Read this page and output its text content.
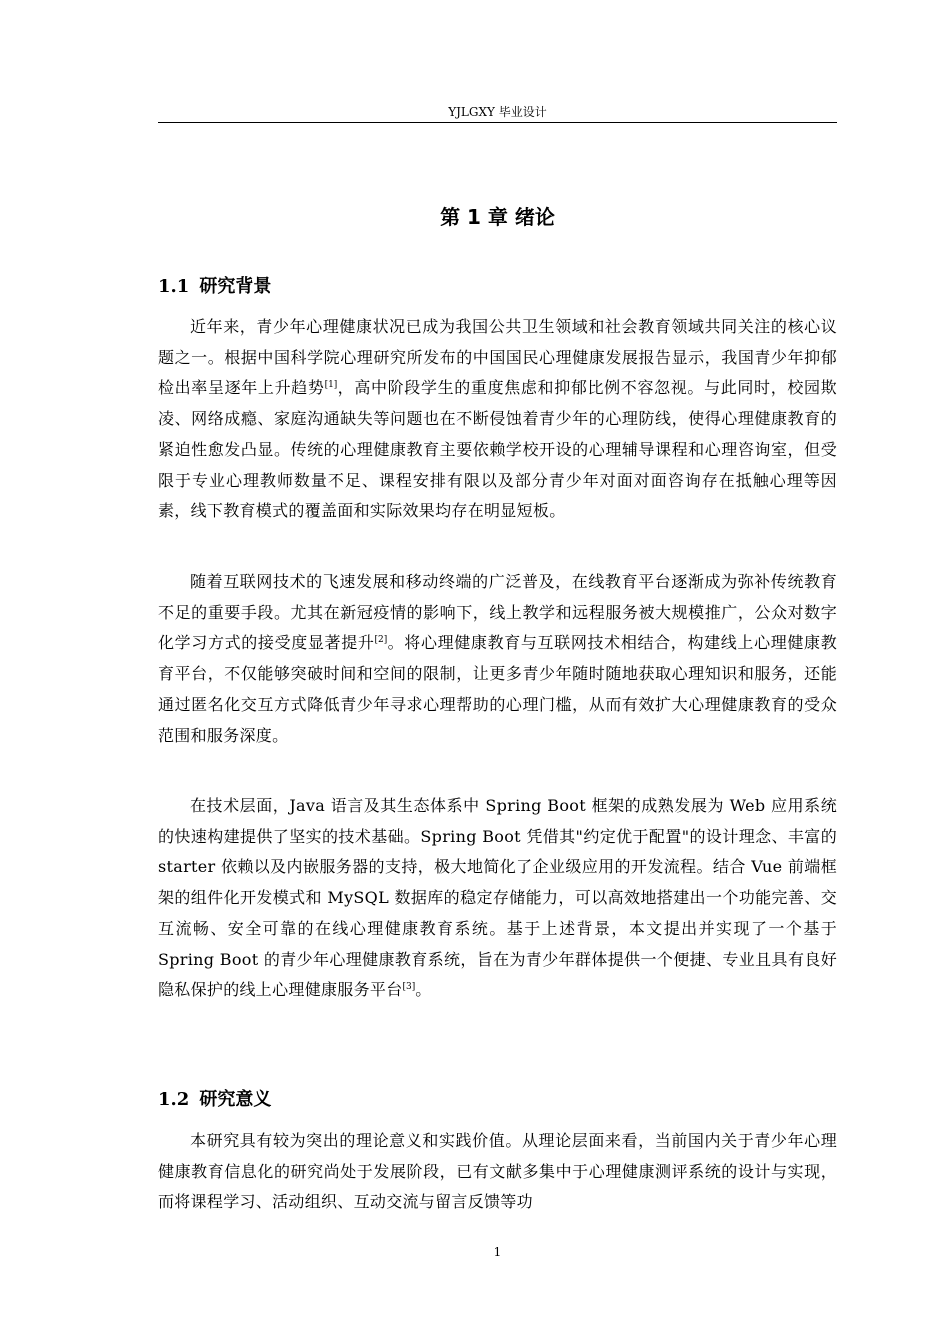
YJLGXY 毕业设计
第 1 章 绪论
1.1 研究背景

近年来，青少年心理健康状况已成为我国公共卫生领域和社会教育领域共同关注的核心议题之一。根据中国科学院心理研究所发布的中国国民心理健康发展报告显示，我国青少年抑郁检出率呈逐年上升趋势[1]，高中阶段学生的重度焦虑和抑郁比例不容忽视。与此同时，校园欺凌、网络成瘾、家庭沟通缺失等问题也在不断侵蚀着青少年的心理防线，使得心理健康教育的紧迫性愈发凸显。传统的心理健康教育主要依赖学校开设的心理辅导课程和心理咨询室，但受限于专业心理教师数量不足、课程安排有限以及部分青少年对面对面咨询存在抵触心理等因素，线下教育模式的覆盖面和实际效果均存在明显短板。

随着互联网技术的飞速发展和移动终端的广泛普及，在线教育平台逐渐成为弥补传统教育不足的重要手段。尤其在新冠疫情的影响下，线上教学和远程服务被大规模推广，公众对数字化学习方式的接受度显著提升[2]。将心理健康教育与互联网技术相结合，构建线上心理健康教育平台，不仅能够突破时间和空间的限制，让更多青少年随时随地获取心理知识和服务，还能通过匿名化交互方式降低青少年寻求心理帮助的心理门槛，从而有效扩大心理健康教育的受众范围和服务深度。

在技术层面，Java 语言及其生态体系中 Spring Boot 框架的成熟发展为 Web 应用系统的快速构建提供了坚实的技术基础。Spring Boot 凭借其"约定优于配置"的设计理念、丰富的 starter 依赖以及内嵌服务器的支持，极大地简化了企业级应用的开发流程。结合 Vue 前端框架的组件化开发模式和 MySQL 数据库的稳定存储能力，可以高效地搭建出一个功能完善、交互流畅、安全可靠的在线心理健康教育系统。基于上述背景，本文提出并实现了一个基于 Spring Boot 的青少年心理健康教育系统，旨在为青少年群体提供一个便捷、专业且具有良好隐私保护的线上心理健康服务平台[3]。

1.2 研究意义

本研究具有较为突出的理论意义和实践价值。从理论层面来看，当前国内关于青少年心理健康教育信息化的研究尚处于发展阶段，已有文献多集中于心理健康测评系统的设计与实现，而将课程学习、活动组织、互动交流与留言反馈等功

1
